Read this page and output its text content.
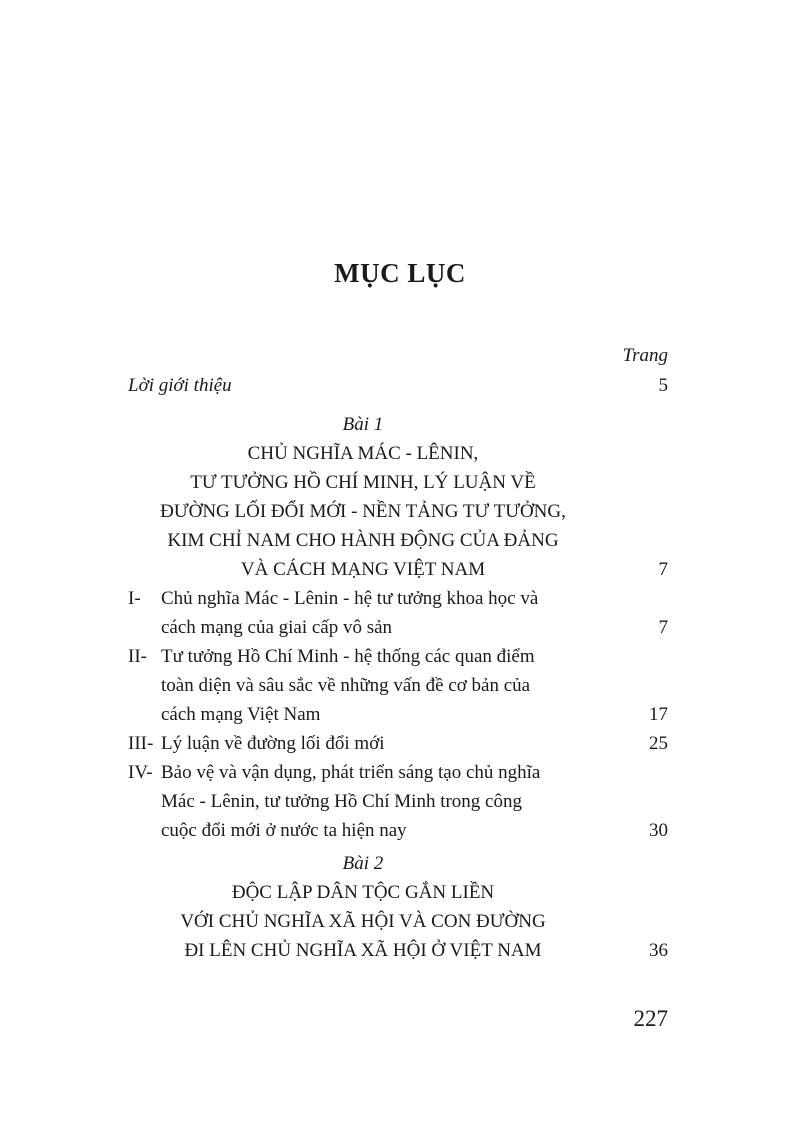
MỤC LỤC
Trang
Lời giới thiệu	5
Bài 1
CHỦ NGHĨA MÁC - LÊNIN,
TƯ TƯỞNG HỒ CHÍ MINH, LÝ LUẬN VỀ
ĐƯỜNG LỐI ĐỔI MỚI - NỀN TẢNG TƯ TƯỞNG,
KIM CHỈ NAM CHO HÀNH ĐỘNG CỦA ĐẢNG
VÀ CÁCH MẠNG VIỆT NAM	7
I- Chủ nghĩa Mác - Lênin - hệ tư tưởng khoa học và
cách mạng của giai cấp vô sản	7
II- Tư tưởng Hồ Chí Minh - hệ thống các quan điểm
toàn diện và sâu sắc về những vấn đề cơ bản của
cách mạng Việt Nam	17
III- Lý luận về đường lối đổi mới	25
IV- Bảo vệ và vận dụng, phát triển sáng tạo chủ nghĩa
Mác - Lênin, tư tưởng Hồ Chí Minh trong công
cuộc đổi mới ở nước ta hiện nay	30
Bài 2
ĐỘC LẬP DÂN TỘC GẮN LIỀN
VỚI CHỦ NGHĨA XÃ HỘI VÀ CON ĐƯỜNG
ĐI LÊN CHỦ NGHĨA XÃ HỘI Ở VIỆT NAM	36
227
